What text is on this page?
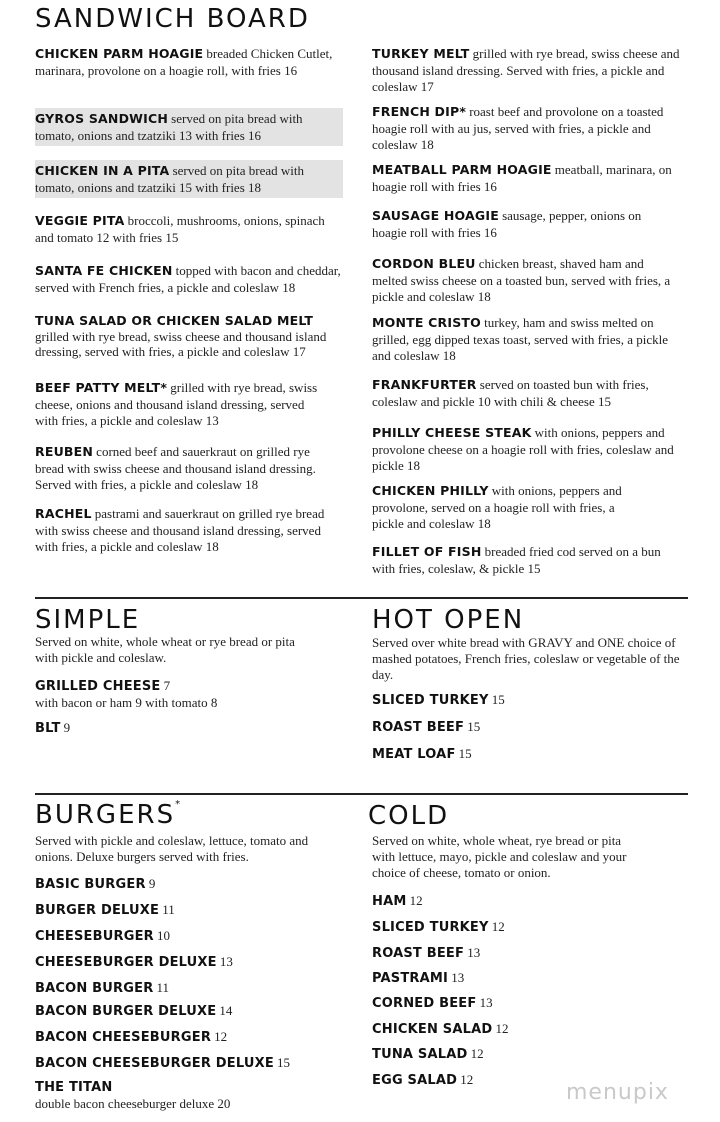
SANDWICH BOARD
CHICKEN PARM HOAGIE breaded Chicken Cutlet, marinara, provolone on a hoagie roll, with fries 16
GYROS SANDWICH served on pita bread with tomato, onions and tzatziki 13 with fries 16
CHICKEN IN A PITA served on pita bread with tomato, onions and tzatziki 15 with fries 18
VEGGIE PITA broccoli, mushrooms, onions, spinach and tomato 12 with fries 15
SANTA FE CHICKEN topped with bacon and cheddar, served with French fries, a pickle and coleslaw 18
TUNA SALAD OR CHICKEN SALAD MELT
grilled with rye bread, swiss cheese and thousand island dressing, served with fries, a pickle and coleslaw 17
BEEF PATTY MELT* grilled with rye bread, swiss cheese, onions and thousand island dressing, served with fries, a pickle and coleslaw 13
REUBEN corned beef and sauerkraut on grilled rye bread with swiss cheese and thousand island dressing. Served with fries, a pickle and coleslaw 18
RACHEL pastrami and sauerkraut on grilled rye bread with swiss cheese and thousand island dressing, served with fries, a pickle and coleslaw 18
TURKEY MELT grilled with rye bread, swiss cheese and thousand island dressing. Served with fries, a pickle and coleslaw 17
FRENCH DIP* roast beef and provolone on a toasted hoagie roll with au jus, served with fries, a pickle and coleslaw 18
MEATBALL PARM HOAGIE meatball, marinara, on hoagie roll with fries 16
SAUSAGE HOAGIE sausage, pepper, onions on hoagie roll with fries 16
CORDON BLEU chicken breast, shaved ham and melted swiss cheese on a toasted bun, served with fries, a pickle and coleslaw 18
MONTE CRISTO turkey, ham and swiss melted on grilled, egg dipped texas toast, served with fries, a pickle and coleslaw 18
FRANKFURTER served on toasted bun with fries, coleslaw and pickle 10 with chili & cheese 15
PHILLY CHEESE STEAK with onions, peppers and provolone cheese on a hoagie roll with fries, coleslaw and pickle 18
CHICKEN PHILLY with onions, peppers and provolone, served on a hoagie roll with fries, a pickle and coleslaw 18
FILLET OF FISH breaded fried cod served on a bun with fries, coleslaw, & pickle 15
SIMPLE
Served on white, whole wheat or rye bread or pita with pickle and coleslaw.
GRILLED CHEESE 7
with bacon or ham 9 with tomato 8
BLT 9
HOT OPEN
Served over white bread with GRAVY and ONE choice of mashed potatoes, French fries, coleslaw or vegetable of the day.
SLICED TURKEY 15
ROAST BEEF 15
MEAT LOAF 15
BURGERS*
Served with pickle and coleslaw, lettuce, tomato and onions. Deluxe burgers served with fries.
BASIC BURGER 9
BURGER DELUXE 11
CHEESEBURGER 10
CHEESEBURGER DELUXE 13
BACON BURGER 11
BACON BURGER DELUXE 14
BACON CHEESEBURGER 12
BACON CHEESEBURGER DELUXE 15
THE TITAN
double bacon cheeseburger deluxe 20
COLD
Served on white, whole wheat, rye bread or pita with lettuce, mayo, pickle and coleslaw and your choice of cheese, tomato or onion.
HAM 12
SLICED TURKEY 12
ROAST BEEF 13
PASTRAMI 13
CORNED BEEF 13
CHICKEN SALAD 12
TUNA SALAD 12
EGG SALAD 12
menupix
